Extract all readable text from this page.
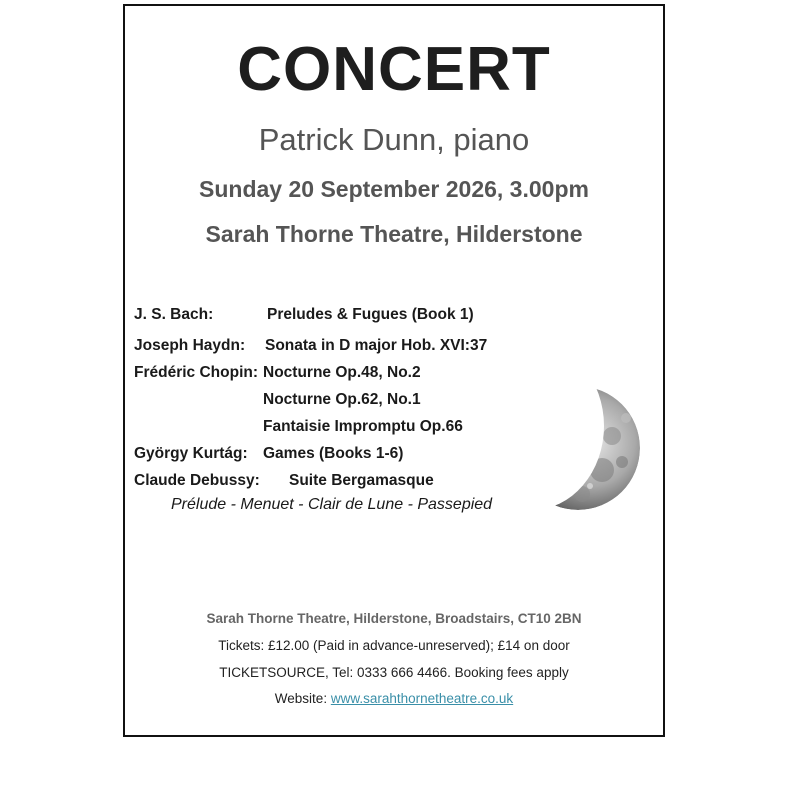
CONCERT
Patrick Dunn, piano
Sunday 20 September 2026, 3.00pm
Sarah Thorne Theatre, Hilderstone
J. S. Bach:	Preludes & Fugues (Book 1)
Joseph Haydn: Sonata in D major Hob. XVI:37
Frédéric Chopin: Nocturne Op.48, No.2
Nocturne Op.62, No.1
Fantaisie Impromptu Op.66
György Kurtág: Games (Books 1-6)
Claude Debussy: Suite Bergamasque
Prélude - Menuet - Clair de Lune - Passepied
Sarah Thorne Theatre, Hilderstone, Broadstairs, CT10 2BN
Tickets: £12.00 (Paid in advance-unreserved); £14 on door
TICKETSOURCE, Tel: 0333 666 4466. Booking fees apply
Website: www.sarahthornetheatre.co.uk
